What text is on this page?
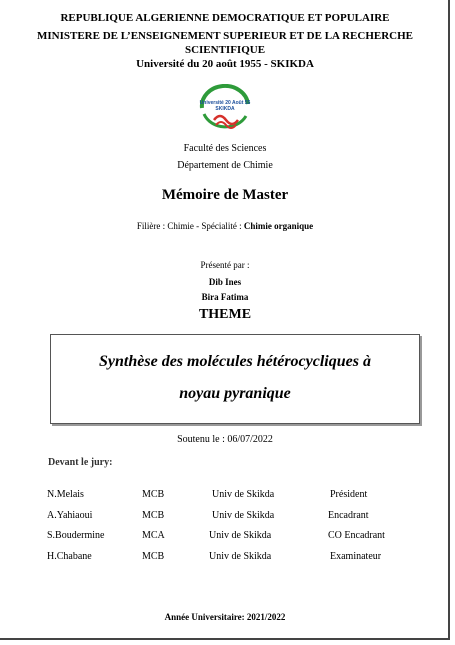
REPUBLIQUE ALGERIENNE DEMOCRATIQUE ET POPULAIRE
MINISTERE DE L’ENSEIGNEMENT SUPERIEUR ET DE LA RECHERCHE
SCIENTIFIQUE
Université du 20 août 1955 - SKIKDA
Université 20 Août 55
SKIKDA
Faculté des Sciences
Département de Chimie
Mémoire de Master
Filière : Chimie - Spécialité : Chimie organique
Présenté par :
Dib Ines
Bira Fatima
THEME
Synthèse des molécules hétérocycliques à
noyau pyranique
Soutenu le : 06/07/2022
Devant le jury:
N.Melais	MCB	Univ de Skikda	Président
A.Yahiaoui	MCB	Univ de Skikda	Encadrant
S.Boudermine	MCA	Univ de Skikda	CO Encadrant
H.Chabane	MCB	Univ de Skikda	Examinateur
Année Universitaire: 2021/2022
